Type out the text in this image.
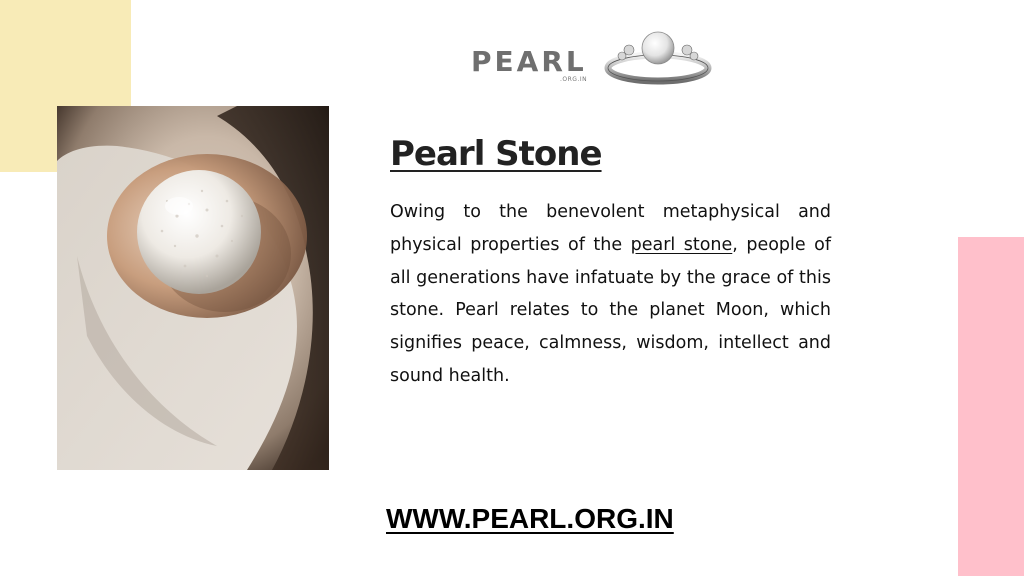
PEARL
.ORG.IN
Pearl Stone

Owing to the benevolent metaphysical and physical properties of the pearl stone, people of all generations have infatuate by the grace of this stone. Pearl relates to the planet Moon, which signifies peace, calmness, wisdom, intellect and sound health.

WWW.PEARL.ORG.IN
